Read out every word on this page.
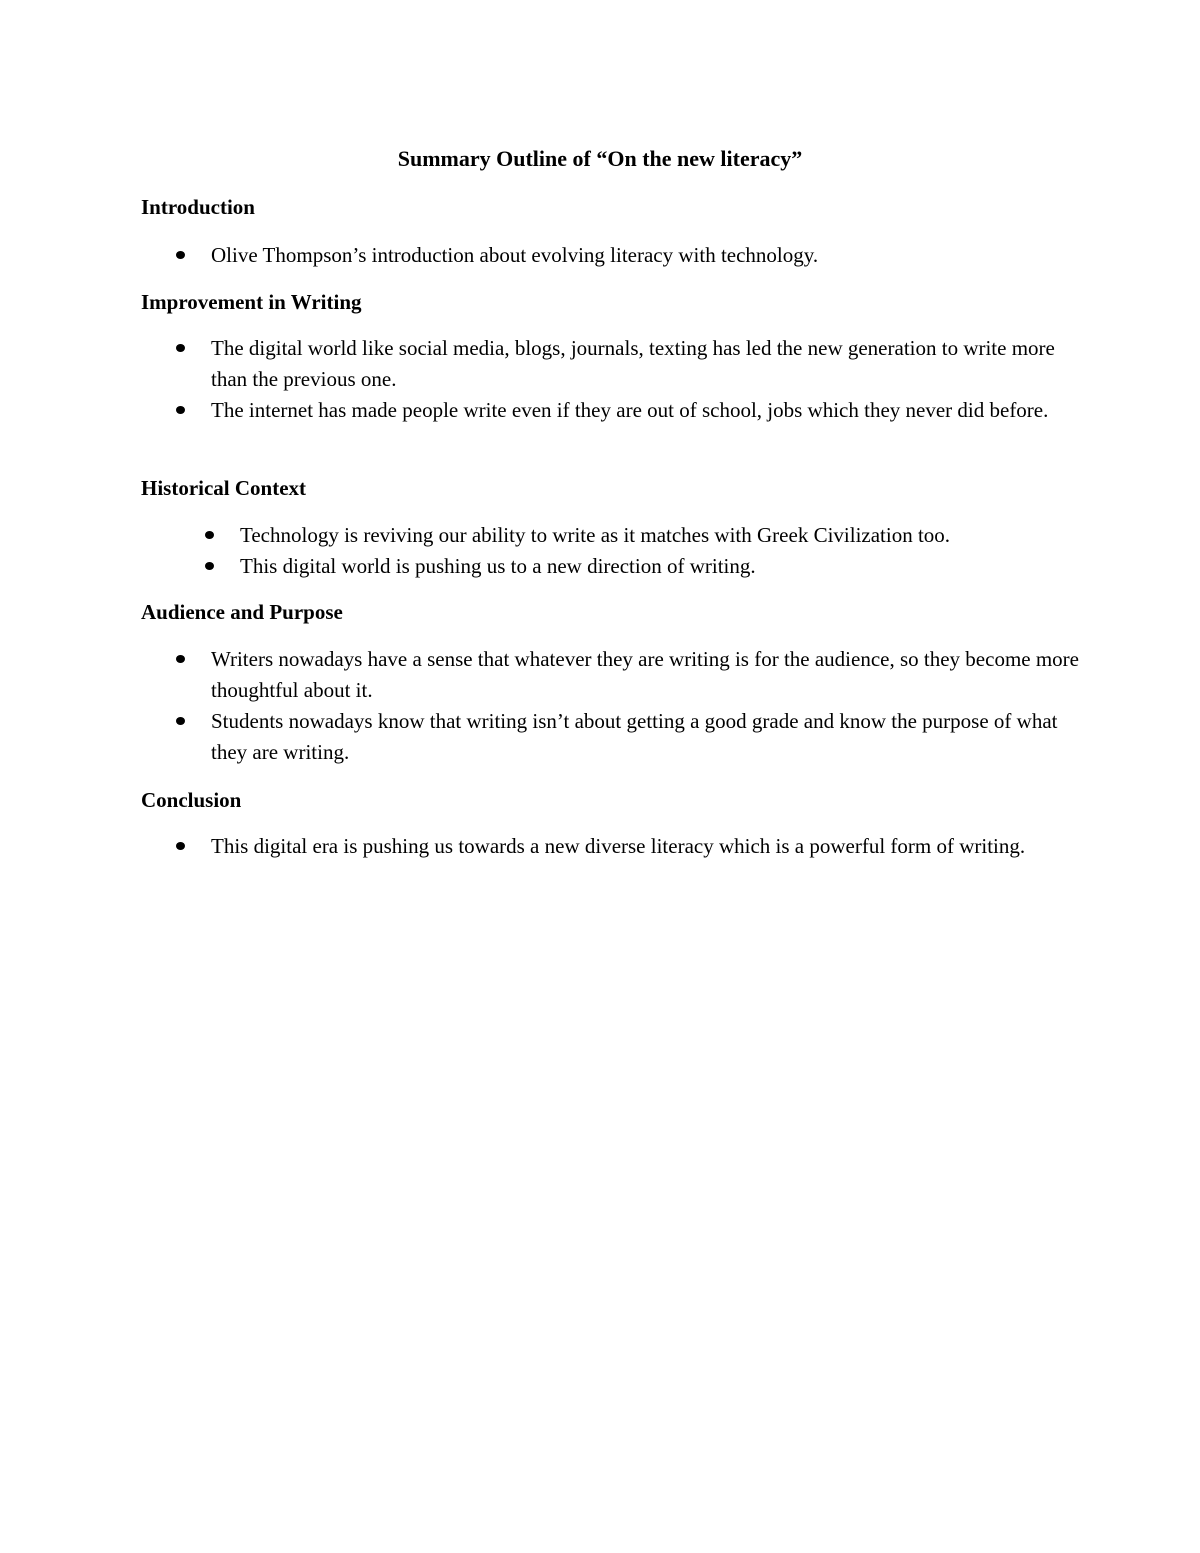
Summary Outline of “On the new literacy”
Introduction
Olive Thompson’s introduction about evolving literacy with technology.
Improvement in Writing
The digital world like social media, blogs, journals, texting has led the new generation to write more than the previous one.
The internet has made people write even if they are out of school, jobs which they never did before.
Historical Context
Technology is reviving our ability to write as it matches with Greek Civilization too.
This digital world is pushing us to a new direction of writing.
Audience and Purpose
Writers nowadays have a sense that whatever they are writing is for the audience, so they become more thoughtful about it.
Students nowadays know that writing isn’t about getting a good grade and know the purpose of what they are writing.
Conclusion
This digital era is pushing us towards a new diverse literacy which is a powerful form of writing.
